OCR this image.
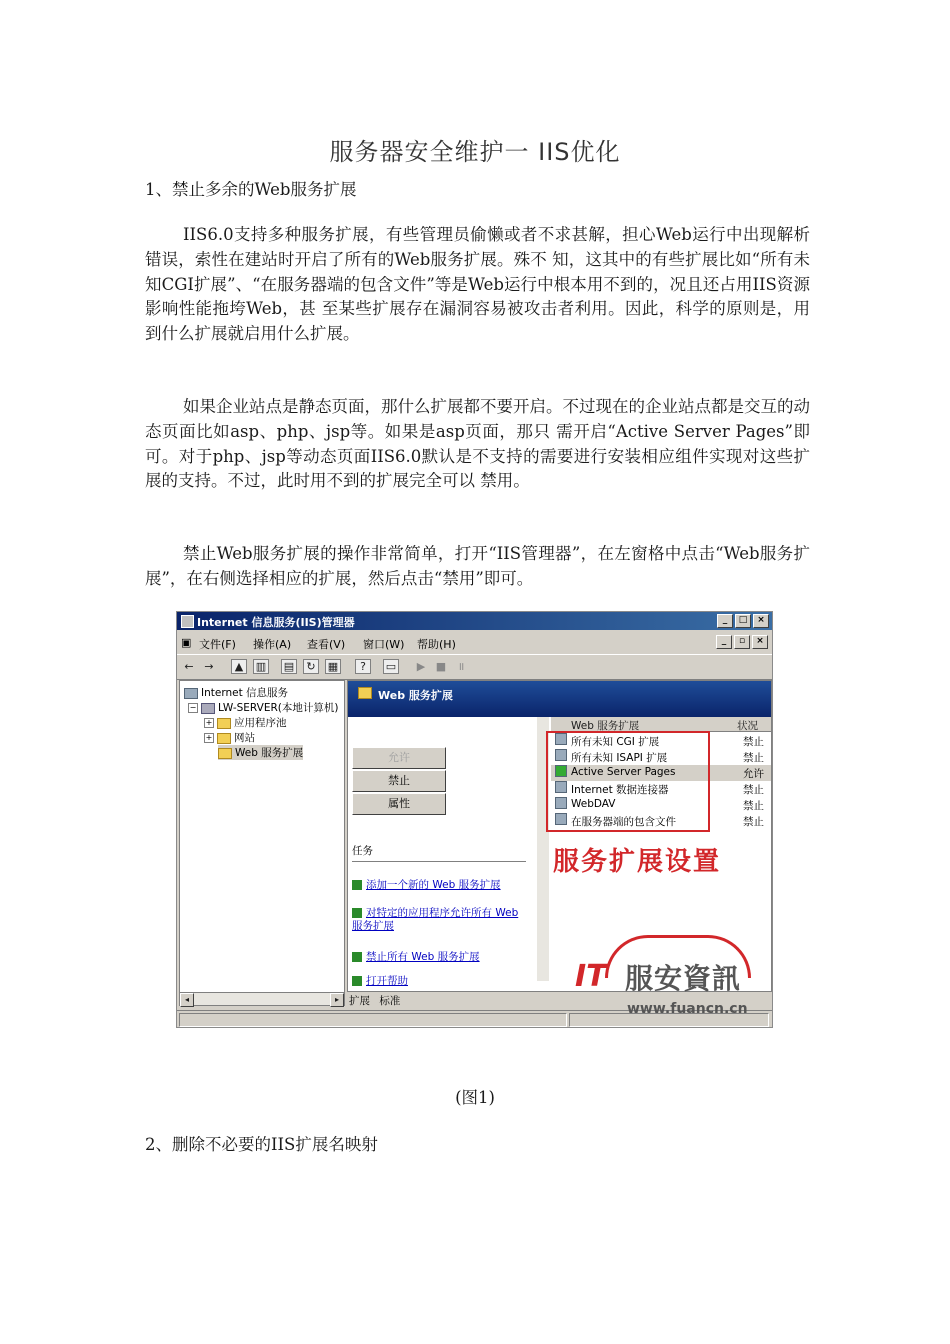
服务器安全维护一 IIS优化
1、禁止多余的Web服务扩展

IIS6.0支持多种服务扩展，有些管理员偷懒或者不求甚解，担心Web运行中出现解析错误，索性在建站时开启了所有的Web服务扩展。殊不 知，这其中的有些扩展比如“所有未知CGI扩展”、“在服务器端的包含文件”等是Web运行中根本用不到的，况且还占用IIS资源影响性能拖垮Web，甚 至某些扩展存在漏洞容易被攻击者利用。因此，科学的原则是，用到什么扩展就启用什么扩展。

如果企业站点是静态页面，那什么扩展都不要开启。不过现在的企业站点都是交互的动态页面比如asp、php、jsp等。如果是asp页面，那只 需开启“Active Server Pages”即可。对于php、jsp等动态页面IIS6.0默认是不支持的需要进行安装相应组件实现对这些扩展的支持。不过，此时用不到的扩展完全可以 禁用。

禁止Web服务扩展的操作非常简单，打开“IIS管理器”，在左窗格中点击“Web服务扩展”，在右侧选择相应的扩展，然后点击“禁用”即可。

Internet 信息服务(IIS)管理器	_	□	×
▣ 文件(F) 操作(A) 查看(V) 窗口(W) 帮助(H)	_	▫	×
← →	▲	▥ ▤	↻	▦	?	▭	▶ ■	॥
Internet 信息服务
− LW-SERVER(本地计算机)
+ 应用程序池
+ 网站
Web 服务扩展
◂	▸
Web 服务扩展
允许
禁止
属性
任务
添加一个新的 Web 服务扩展
对特定的应用程序允许所有 Web 服务扩展
禁止所有 Web 服务扩展
打开帮助
Web 服务扩展	状况
所有未知 CGI 扩展	禁止
所有未知 ISAPI 扩展	禁止
Active Server Pages	允许
Internet 数据连接器	禁止
WebDAV	禁止
在服务器端的包含文件	禁止
服务扩展设置
扩展 标准
IT 服安資訊
www.fuancn.cn
(图1)
2、删除不必要的IIS扩展名映射
